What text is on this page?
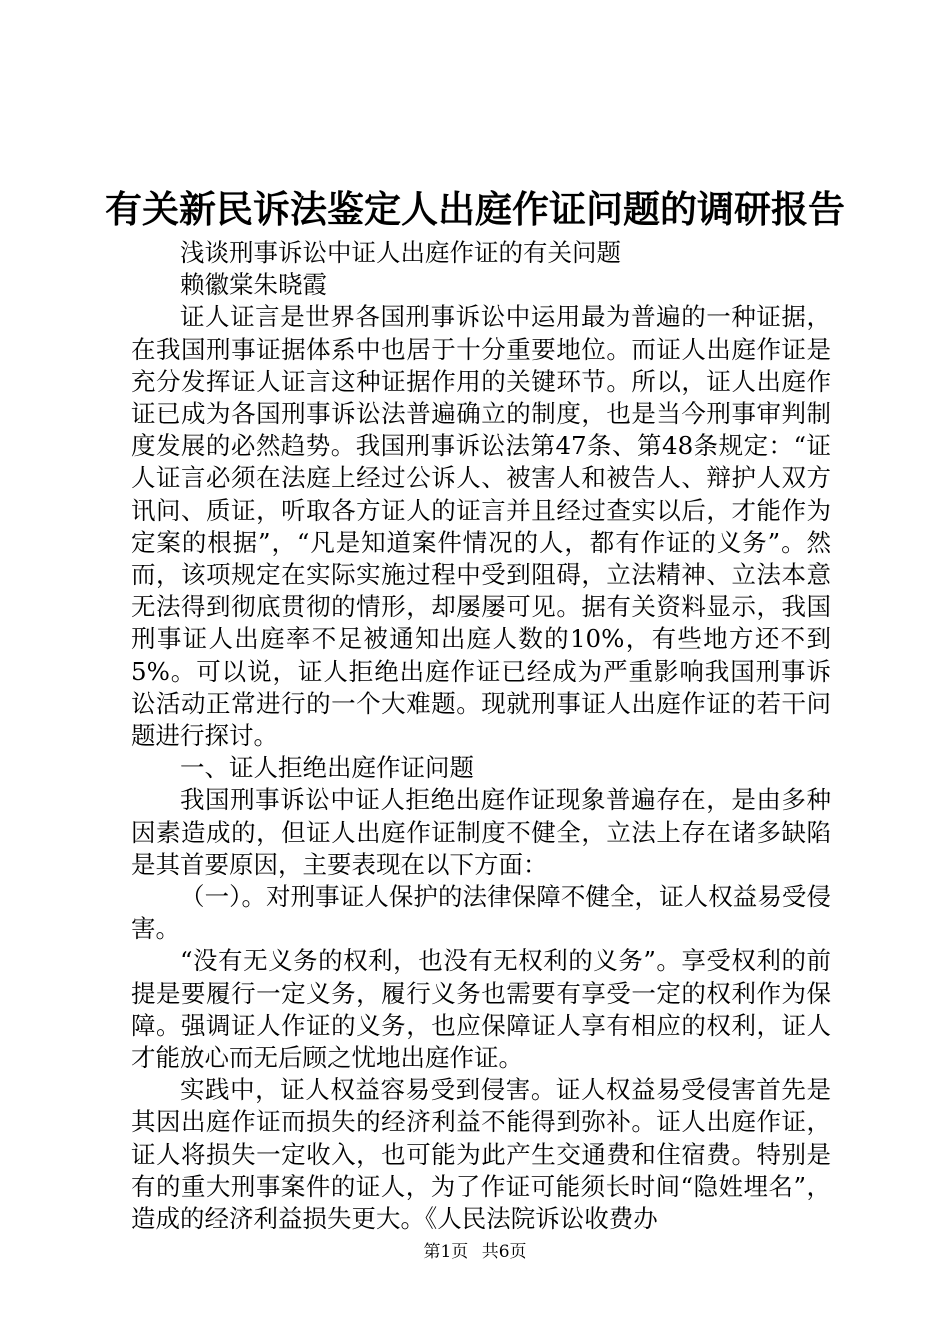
有关新民诉法鉴定人出庭作证问题的调研报告

浅谈刑事诉讼中证人出庭作证的有关问题

赖徽棠朱晓霞

证人证言是世界各国刑事诉讼中运用最为普遍的一种证据，在我国刑事证据体系中也居于十分重要地位。而证人出庭作证是充分发挥证人证言这种证据作用的关键环节。所以，证人出庭作证已成为各国刑事诉讼法普遍确立的制度，也是当今刑事审判制度发展的必然趋势。我国刑事诉讼法第47条、第48条规定：“证人证言必须在法庭上经过公诉人、被害人和被告人、辩护人双方讯问、质证，听取各方证人的证言并且经过查实以后，才能作为定案的根据”，“凡是知道案件情况的人，都有作证的义务”。然而，该项规定在实际实施过程中受到阻碍，立法精神、立法本意无法得到彻底贯彻的情形，却屡屡可见。据有关资料显示，我国刑事证人出庭率不足被通知出庭人数的10%，有些地方还不到5%。可以说，证人拒绝出庭作证已经成为严重影响我国刑事诉讼活动正常进行的一个大难题。现就刑事证人出庭作证的若干问题进行探讨。

一、证人拒绝出庭作证问题

我国刑事诉讼中证人拒绝出庭作证现象普遍存在，是由多种因素造成的，但证人出庭作证制度不健全，立法上存在诸多缺陷是其首要原因，主要表现在以下方面：

（一）。对刑事证人保护的法律保障不健全，证人权益易受侵害。

“没有无义务的权利，也没有无权利的义务”。享受权利的前提是要履行一定义务，履行义务也需要有享受一定的权利作为保障。强调证人作证的义务，也应保障证人享有相应的权利，证人才能放心而无后顾之忧地出庭作证。

实践中，证人权益容易受到侵害。证人权益易受侵害首先是其因出庭作证而损失的经济利益不能得到弥补。证人出庭作证，证人将损失一定收入，也可能为此产生交通费和住宿费。特别是有的重大刑事案件的证人，为了作证可能须长时间“隐姓埋名”，造成的经济利益损失更大。《人民法院诉讼收费办

第1页 共6页
